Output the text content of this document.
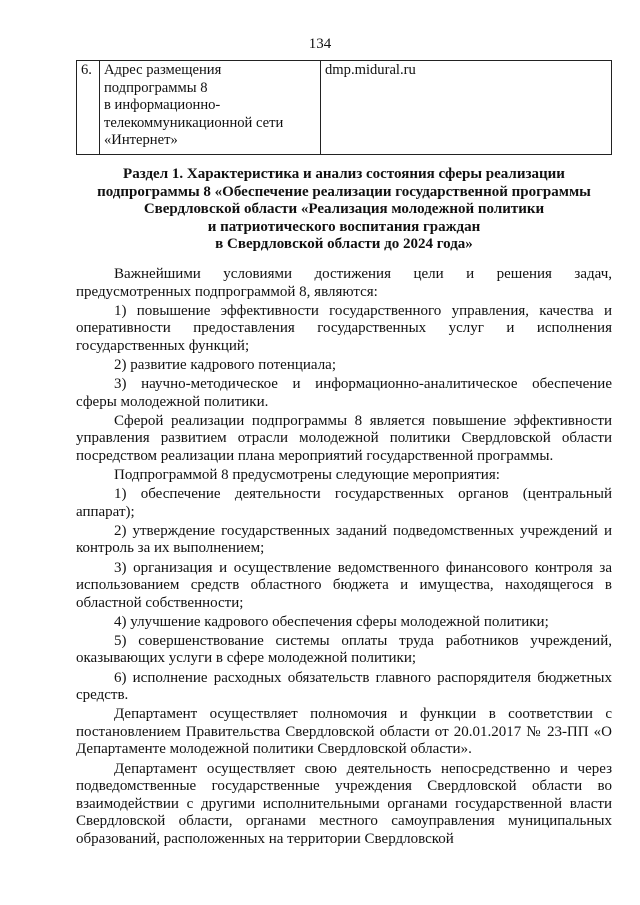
134
6.	Адрес размещения
подпрограммы 8
в информационно-
телекоммуникационной сети
«Интернет»
	dmp.midural.ru
Раздел 1. Характеристика и анализ состояния сферы реализации
подпрограммы 8 «Обеспечение реализации государственной программы
Свердловской области «Реализация молодежной политики
и патриотического воспитания граждан
в Свердловской области до 2024 года»

Важнейшими условиями достижения цели и решения задач, предусмотренных подпрограммой 8, являются:

1) повышение эффективности государственного управления, качества и оперативности предоставления государственных услуг и исполнения государственных функций;

2) развитие кадрового потенциала;

3) научно-методическое и информационно-аналитическое обеспечение сферы молодежной политики.

Сферой реализации подпрограммы 8 является повышение эффективности управления развитием отрасли молодежной политики Свердловской области посредством реализации плана мероприятий государственной программы.

Подпрограммой 8 предусмотрены следующие мероприятия:

1) обеспечение деятельности государственных органов (центральный аппарат);

2) утверждение государственных заданий подведомственных учреждений и контроль за их выполнением;

3) организация и осуществление ведомственного финансового контроля за использованием средств областного бюджета и имущества, находящегося в областной собственности;

4) улучшение кадрового обеспечения сферы молодежной политики;

5) совершенствование системы оплаты труда работников учреждений, оказывающих услуги в сфере молодежной политики;

6) исполнение расходных обязательств главного распорядителя бюджетных средств.

Департамент осуществляет полномочия и функции в соответствии с постановлением Правительства Свердловской области от 20.01.2017 № 23-ПП «О Департаменте молодежной политики Свердловской области».

Департамент осуществляет свою деятельность непосредственно и через подведомственные государственные учреждения Свердловской области во взаимодействии с другими исполнительными органами государственной власти Свердловской области, органами местного самоуправления муниципальных образований, расположенных на территории Свердловской
